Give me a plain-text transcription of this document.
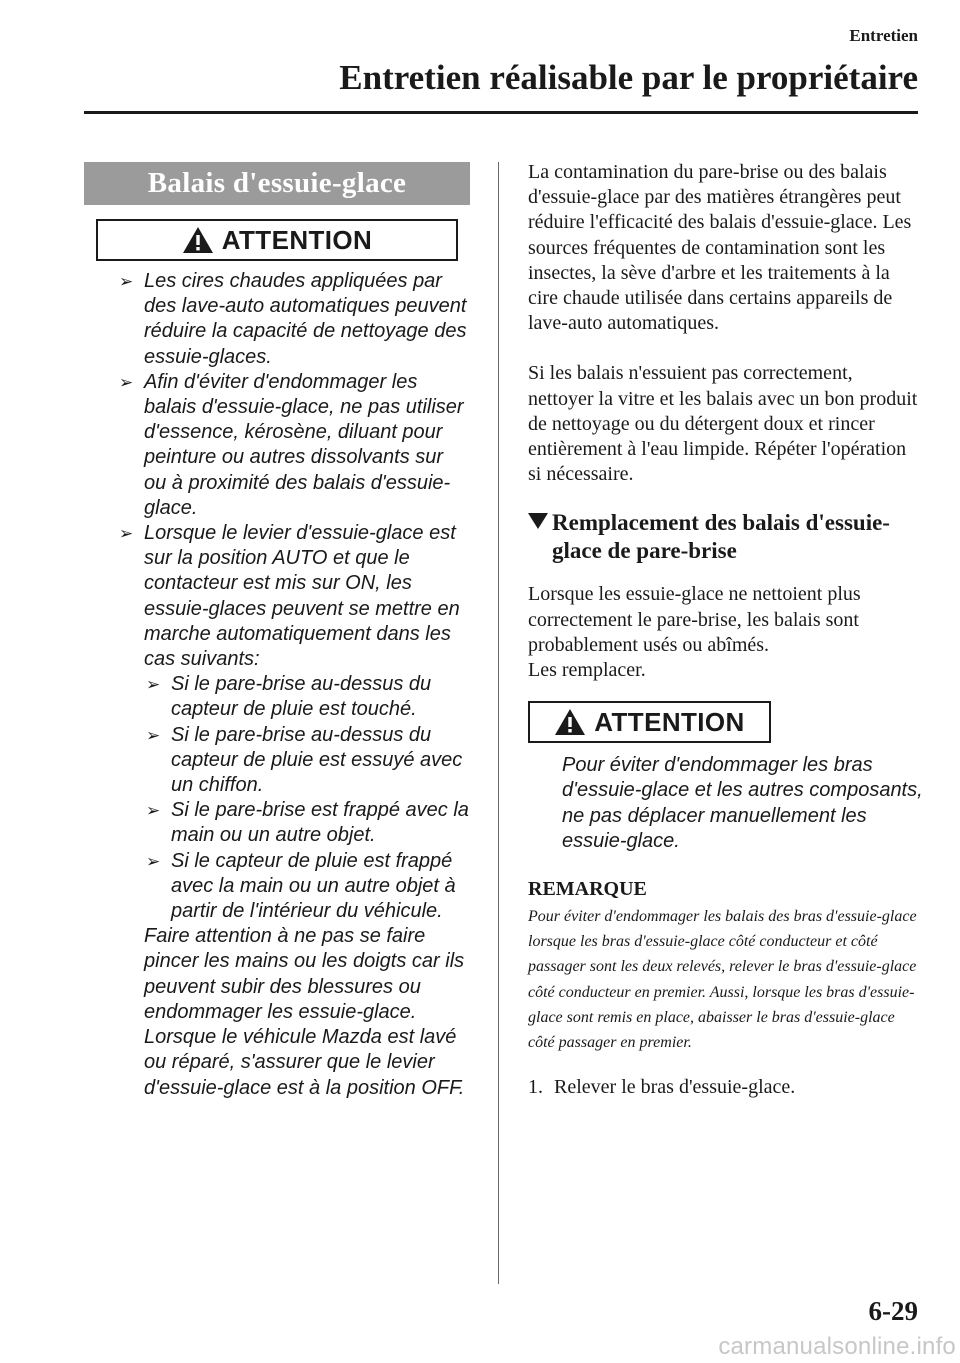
Entretien
Entretien réalisable par le propriétaire
Balais d'essuie-glace
ATTENTION
➢ Les cires chaudes appliquées par des lave-auto automatiques peuvent réduire la capacité de nettoyage des essuie-glaces.
➢ Afin d'éviter d'endommager les balais d'essuie-glace, ne pas utiliser d'essence, kérosène, diluant pour peinture ou autres dissolvants sur ou à proximité des balais d'essuie-glace.
➢ Lorsque le levier d'essuie-glace est sur la position AUTO et que le contacteur est mis sur ON, les essuie-glaces peuvent se mettre en marche automatiquement dans les cas suivants:
➢ Si le pare-brise au-dessus du capteur de pluie est touché.
➢ Si le pare-brise au-dessus du capteur de pluie est essuyé avec un chiffon.
➢ Si le pare-brise est frappé avec la main ou un autre objet.
➢ Si le capteur de pluie est frappé avec la main ou un autre objet à partir de l'intérieur du véhicule.

Faire attention à ne pas se faire pincer les mains ou les doigts car ils peuvent subir des blessures ou endommager les essuie-glace.

Lorsque le véhicule Mazda est lavé ou réparé, s'assurer que le levier d'essuie-glace est à la position OFF.

La contamination du pare-brise ou des balais d'essuie-glace par des matières étrangères peut réduire l'efficacité des balais d'essuie-glace. Les sources fréquentes de contamination sont les insectes, la sève d'arbre et les traitements à la cire chaude utilisée dans certains appareils de lave-auto automatiques.

Si les balais n'essuient pas correctement, nettoyer la vitre et les balais avec un bon produit de nettoyage ou du détergent doux et rincer entièrement à l'eau limpide. Répéter l'opération si nécessaire.

Remplacement des balais d'essuie-glace de pare-brise

Lorsque les essuie-glace ne nettoient plus correctement le pare-brise, les balais sont probablement usés ou abîmés.

Les remplacer.

ATTENTION

Pour éviter d'endommager les bras d'essuie-glace et les autres composants, ne pas déplacer manuellement les essuie-glace.

REMARQUE

Pour éviter d'endommager les balais des bras d'essuie-glace lorsque les bras d'essuie-glace côté conducteur et côté passager sont les deux relevés, relever le bras d'essuie-glace côté conducteur en premier. Aussi, lorsque les bras d'essuie-glace sont remis en place, abaisser le bras d'essuie-glace côté passager en premier.

1. Relever le bras d'essuie-glace.
6-29
carmanualsonline.info
